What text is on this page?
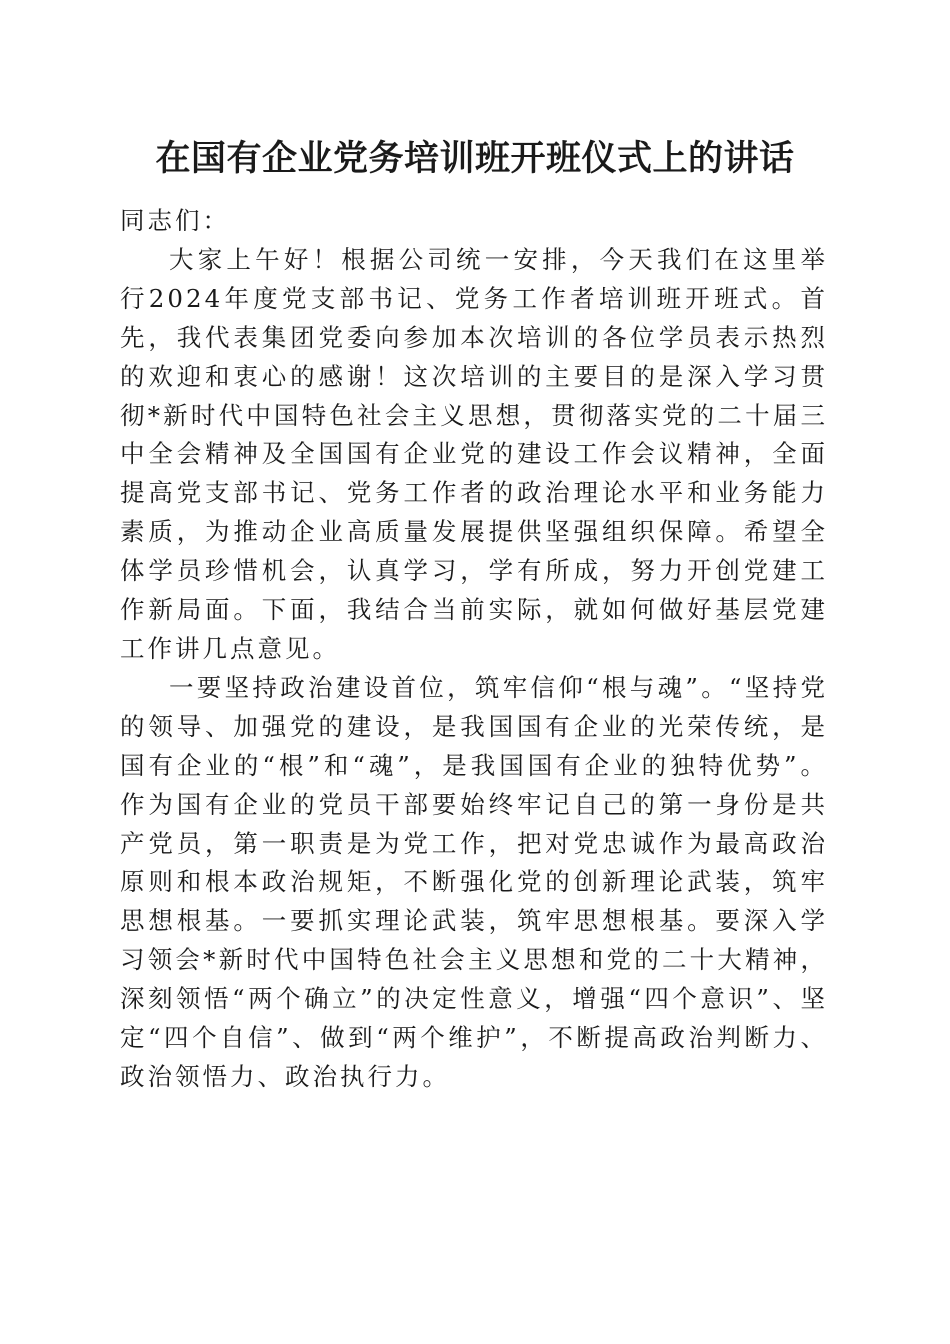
在国有企业党务培训班开班仪式上的讲话

同志们：

大家上午好！根据公司统一安排，今天我们在这里举行2024年度党支部书记、党务工作者培训班开班式。首先，我代表集团党委向参加本次培训的各位学员表示热烈的欢迎和衷心的感谢！这次培训的主要目的是深入学习贯彻*新时代中国特色社会主义思想，贯彻落实党的二十届三中全会精神及全国国有企业党的建设工作会议精神，全面提高党支部书记、党务工作者的政治理论水平和业务能力素质，为推动企业高质量发展提供坚强组织保障。希望全体学员珍惜机会，认真学习，学有所成，努力开创党建工作新局面。下面，我结合当前实际，就如何做好基层党建工作讲几点意见。

一要坚持政治建设首位，筑牢信仰“根与魂”。“坚持党的领导、加强党的建设，是我国国有企业的光荣传统，是国有企业的“根”和“魂”，是我国国有企业的独特优势”。作为国有企业的党员干部要始终牢记自己的第一身份是共产党员，第一职责是为党工作，把对党忠诚作为最高政治原则和根本政治规矩，不断强化党的创新理论武装，筑牢思想根基。一要抓实理论武装，筑牢思想根基。要深入学习领会*新时代中国特色社会主义思想和党的二十大精神，深刻领悟“两个确立”的决定性意义，增强“四个意识”、坚定“四个自信”、做到“两个维护”，不断提高政治判断力、政治领悟力、政治执行力。
